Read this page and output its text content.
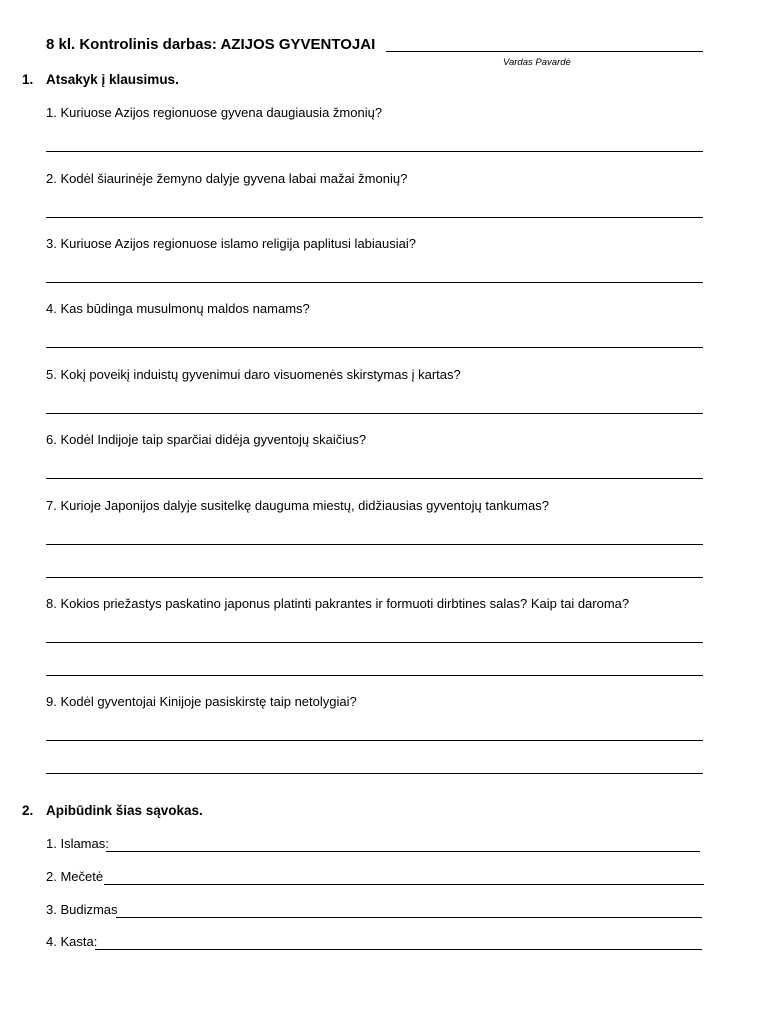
8 kl. Kontrolinis darbas: AZIJOS GYVENTOJAI
Vardas Pavardė
1. Atsakyk į klausimus.
1. Kuriuose Azijos regionuose gyvena daugiausia žmonių?
2. Kodėl šiaurinėje žemyno dalyje gyvena labai mažai žmonių?
3. Kuriuose Azijos regionuose islamo religija paplitusi labiausiai?
4. Kas būdinga musulmonų maldos namams?
5. Kokį poveikį induistų gyvenimui daro visuomenės skirstymas į kartas?
6. Kodėl Indijoje taip sparčiai didėja gyventojų skaičius?
7. Kurioje Japonijos dalyje susitelkę dauguma miestų, didžiausias gyventojų tankumas?
8. Kokios priežastys paskatino japonus platinti pakrantes ir formuoti dirbtines salas? Kaip tai daroma?
9. Kodėl gyventojai Kinijoje pasiskirstę taip netolygiai?
2. Apibūdink šias sąvokas.
1. Islamas:
2. Mečetė
3. Budizmas
4. Kasta:
